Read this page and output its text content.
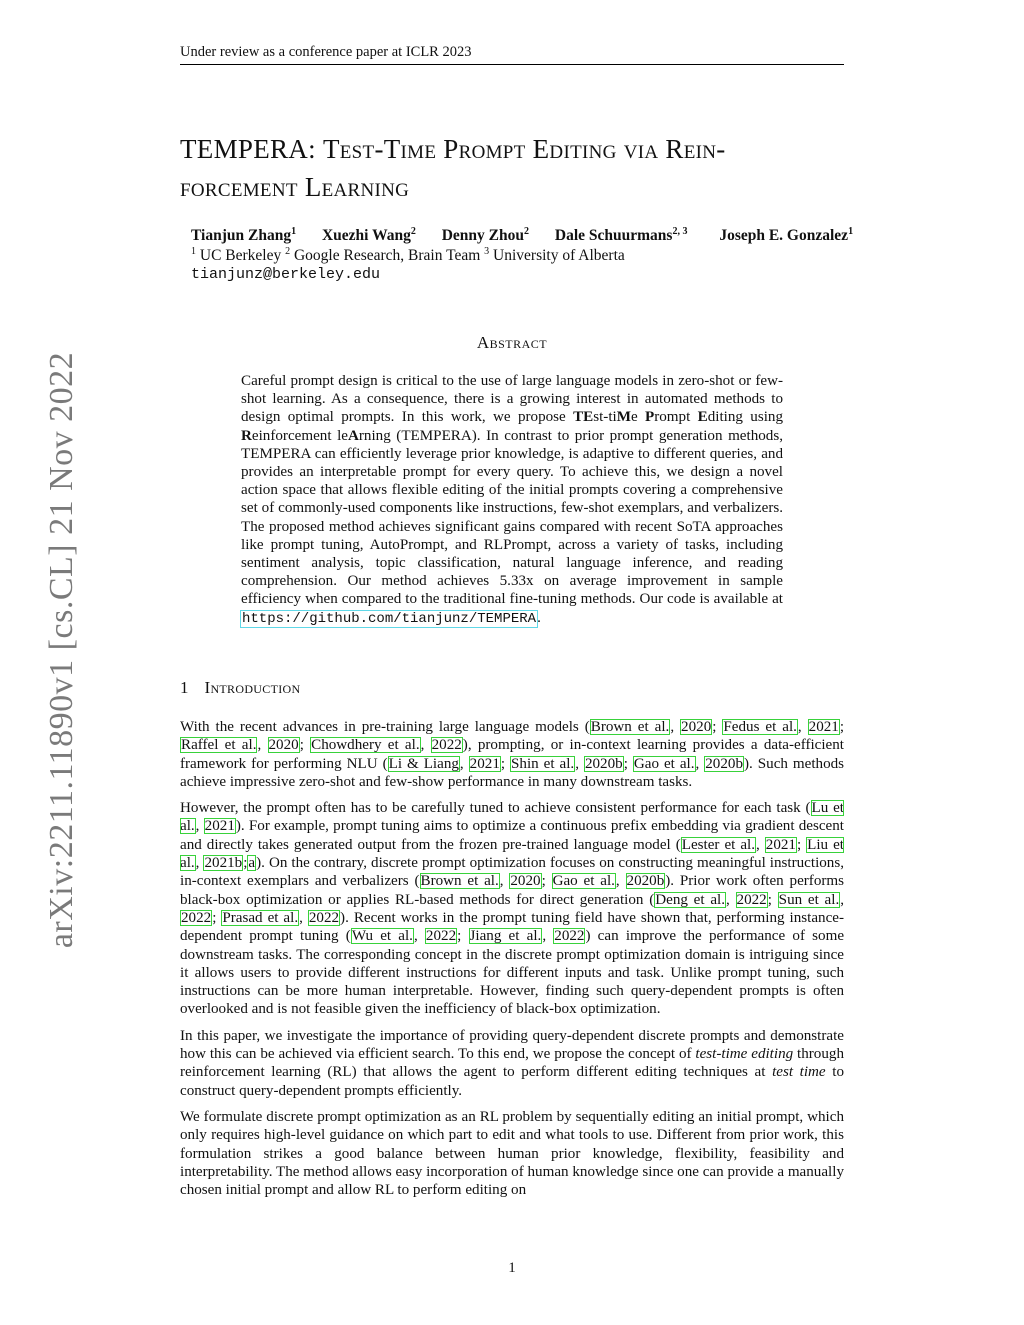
Under review as a conference paper at ICLR 2023
arXiv:2211.11890v1 [cs.CL] 21 Nov 2022
TEMPERA: Test-Time Prompt Editing via Rein-
forcement Learning
Tianjun Zhang$^1$ Xuezhi Wang$^2$ Denny Zhou$^2$ Dale Schuurmans$^{2, 3}$ Joseph E. Gonzalez$^1$
$^1$ UC Berkeley $^2$ Google Research, Brain Team $^3$ University of Alberta
tianjunz@berkeley.edu
Abstract
Careful prompt design is critical to the use of large language models in zero-shot or few-shot learning. As a consequence, there is a growing interest in automated methods to design optimal prompts. In this work, we propose TEst-tiMe Prompt Editing using Reinforcement leArning (TEMPERA). In contrast to prior prompt generation methods, TEMPERA can efficiently leverage prior knowledge, is adaptive to different queries, and provides an interpretable prompt for every query. To achieve this, we design a novel action space that allows flexible editing of the initial prompts covering a comprehensive set of commonly-used components like instructions, few-shot exemplars, and verbalizers. The proposed method achieves significant gains compared with recent SoTA approaches like prompt tuning, AutoPrompt, and RLPrompt, across a variety of tasks, including sentiment analysis, topic classification, natural language inference, and reading comprehension. Our method achieves 5.33x on average improvement in sample efficiency when compared to the traditional fine-tuning methods. Our code is available at https://github.com/tianjunz/TEMPERA.
1 Introduction

With the recent advances in pre-training large language models (Brown et al., 2020; Fedus et al., 2021; Raffel et al., 2020; Chowdhery et al., 2022), prompting, or in-context learning provides a data-efficient framework for performing NLU (Li & Liang, 2021; Shin et al., 2020b; Gao et al., 2020b). Such methods achieve impressive zero-shot and few-show performance in many downstream tasks.

However, the prompt often has to be carefully tuned to achieve consistent performance for each task (Lu et al., 2021). For example, prompt tuning aims to optimize a continuous prefix embedding via gradient descent and directly takes generated output from the frozen pre-trained language model (Lester et al., 2021; Liu et al., 2021b;a). On the contrary, discrete prompt optimization focuses on constructing meaningful instructions, in-context exemplars and verbalizers (Brown et al., 2020; Gao et al., 2020b). Prior work often performs black-box optimization or applies RL-based methods for direct generation (Deng et al., 2022; Sun et al., 2022; Prasad et al., 2022). Recent works in the prompt tuning field have shown that, performing instance-dependent prompt tuning (Wu et al., 2022; Jiang et al., 2022) can improve the performance of some downstream tasks. The corresponding concept in the discrete prompt optimization domain is intriguing since it allows users to provide different instructions for different inputs and task. Unlike prompt tuning, such instructions can be more human interpretable. However, finding such query-dependent prompts is often overlooked and is not feasible given the inefficiency of black-box optimization.

In this paper, we investigate the importance of providing query-dependent discrete prompts and demonstrate how this can be achieved via efficient search. To this end, we propose the concept of test-time editing through reinforcement learning (RL) that allows the agent to perform different editing techniques at test time to construct query-dependent prompts efficiently.

We formulate discrete prompt optimization as an RL problem by sequentially editing an initial prompt, which only requires high-level guidance on which part to edit and what tools to use. Different from prior work, this formulation strikes a good balance between human prior knowledge, flexibility, feasibility and interpretability. The method allows easy incorporation of human knowledge since one can provide a manually chosen initial prompt and allow RL to perform editing on

1
